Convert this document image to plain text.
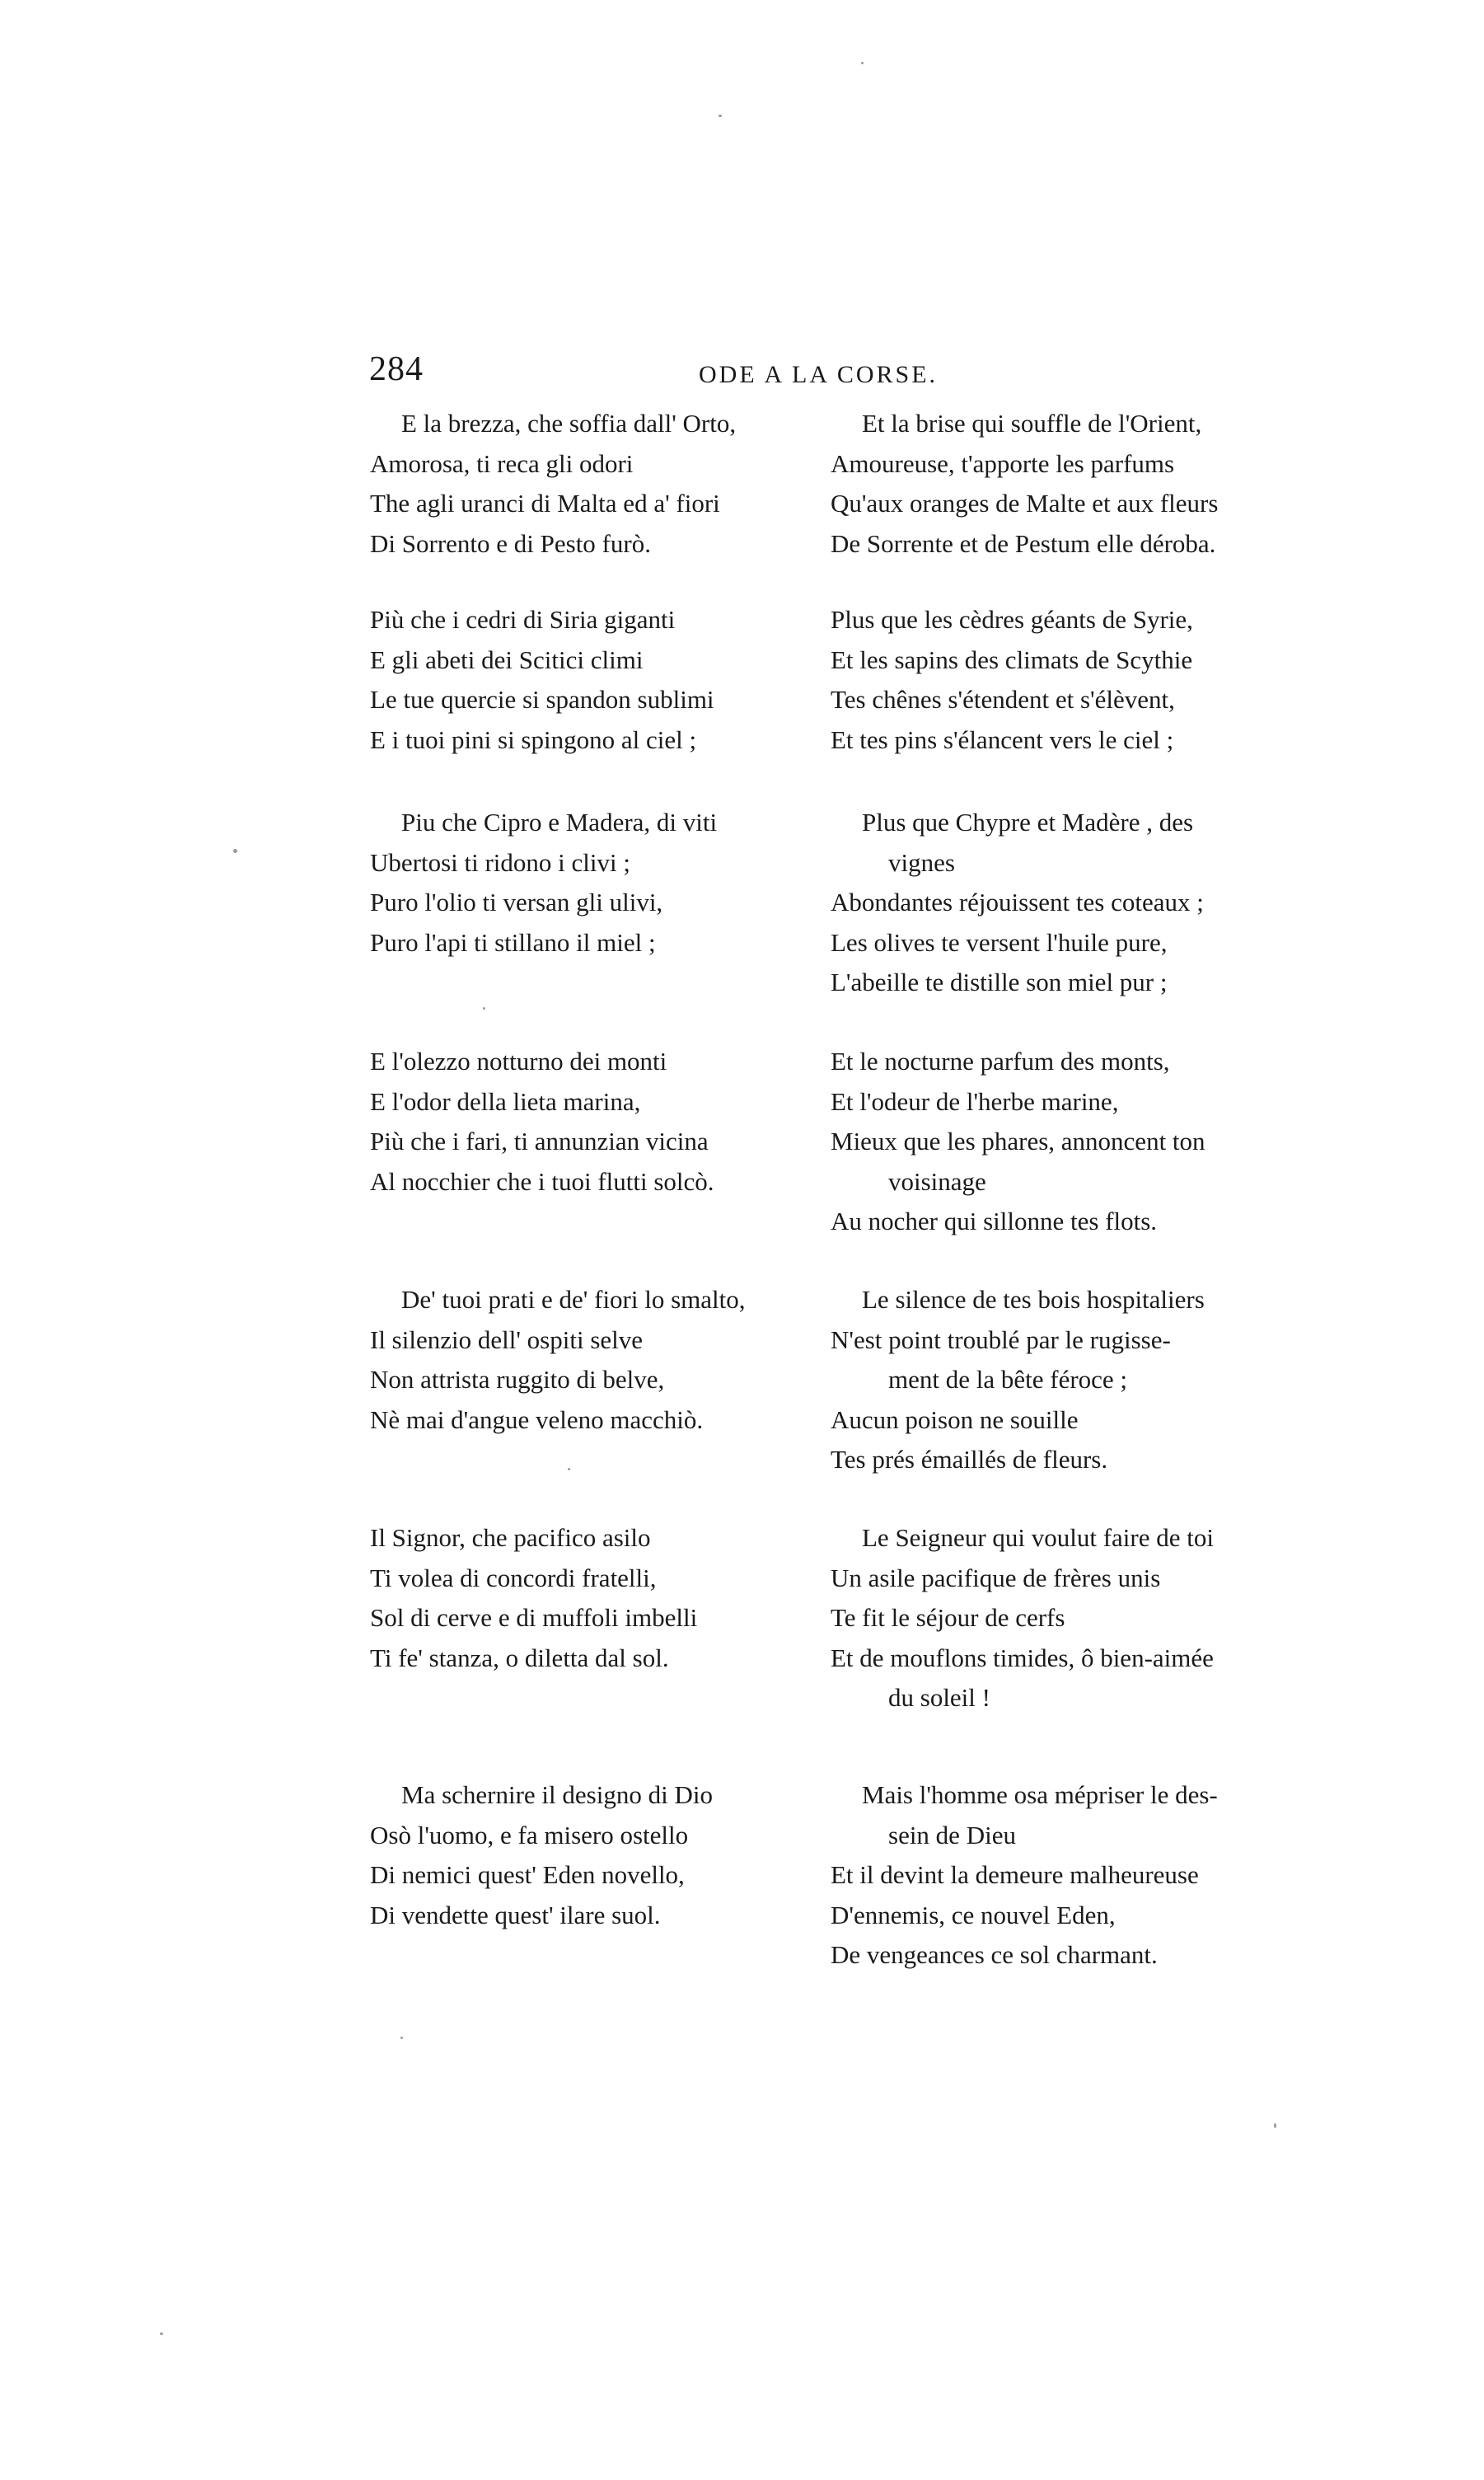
284	ODE A LA CORSE.
E la brezza, che soffia dall' Orto,
Amorosa, ti reca gli odori
The agli uranci di Malta ed a' fiori
Di Sorrento e di Pesto furò.
Più che i cedri di Siria giganti
E gli abeti dei Scitici climi
Le tue quercie si spandon sublimi
E i tuoi pini si spingono al ciel ;
Piu che Cipro e Madera, di viti
Ubertosi ti ridono i clivi ;
Puro l'olio ti versan gli ulivi,
Puro l'api ti stillano il miel ;
E l'olezzo notturno dei monti
E l'odor della lieta marina,
Più che i fari, ti annunzian vicina
Al nocchier che i tuoi flutti solcò.
De' tuoi prati e de' fiori lo smalto,
Il silenzio dell' ospiti selve
Non attrista ruggito di belve,
Nè mai d'angue veleno macchiò.
Il Signor, che pacifico asilo
Ti volea di concordi fratelli,
Sol di cerve e di muffoli imbelli
Ti fe' stanza, o diletta dal sol.
Ma schernire il designo di Dio
Osò l'uomo, e fa misero ostello
Di nemici quest' Eden novello,
Di vendette quest' ilare suol.
Et la brise qui souffle de l'Orient,
Amoureuse, t'apporte les parfums
Qu'aux oranges de Malte et aux fleurs
De Sorrente et de Pestum elle déroba.
Plus que les cèdres géants de Syrie,
Et les sapins des climats de Scythie
Tes chênes s'étendent et s'élèvent,
Et tes pins s'élancent vers le ciel ;
Plus que Chypre et Madère , des
vignes
Abondantes réjouissent tes coteaux ;
Les olives te versent l'huile pure,
L'abeille te distille son miel pur ;
Et le nocturne parfum des monts,
Et l'odeur de l'herbe marine,
Mieux que les phares, annoncent ton
voisinage
Au nocher qui sillonne tes flots.
Le silence de tes bois hospitaliers
N'est point troublé par le rugisse-
ment de la bête féroce ;
Aucun poison ne souille
Tes prés émaillés de fleurs.
Le Seigneur qui voulut faire de toi
Un asile pacifique de frères unis
Te fit le séjour de cerfs
Et de mouflons timides, ô bien-aimée
du soleil !
Mais l'homme osa mépriser le des-
sein de Dieu
Et il devint la demeure malheureuse
D'ennemis, ce nouvel Eden,
De vengeances ce sol charmant.
